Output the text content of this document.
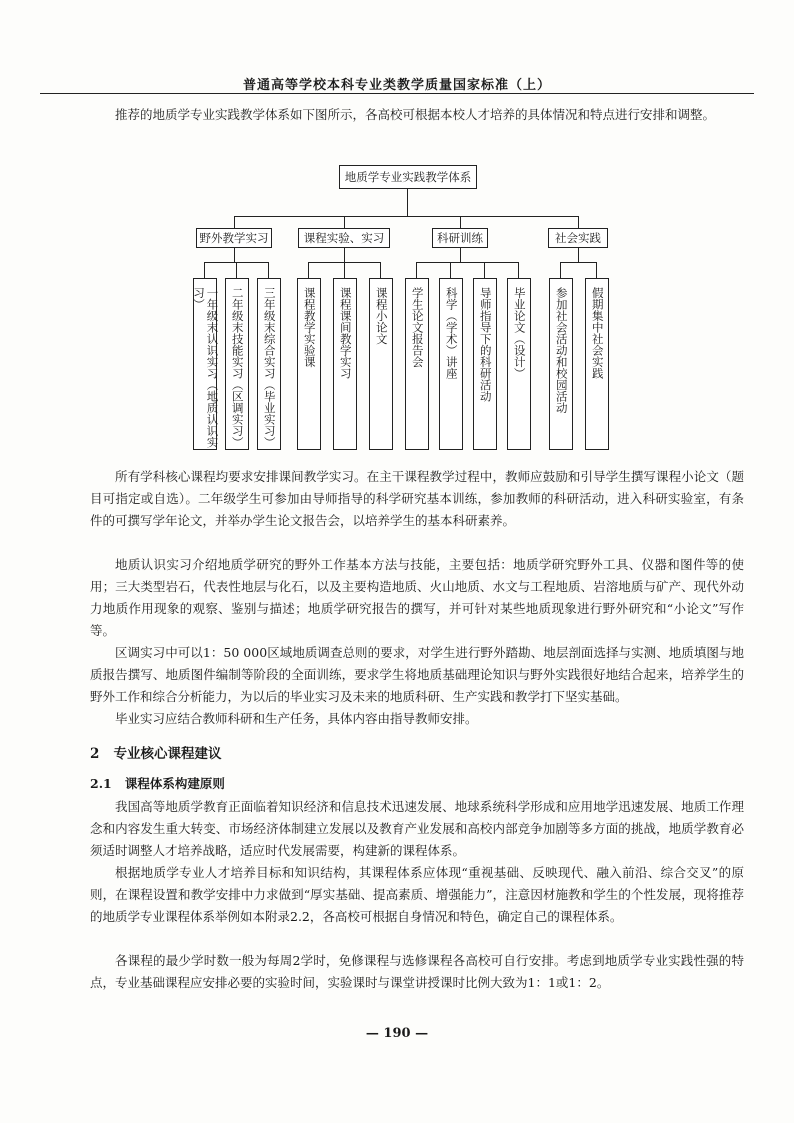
普通高等学校本科专业类教学质量国家标准（上）

推荐的地质学专业实践教学体系如下图所示，各高校可根据本校人才培养的具体情况和特点进行安排和调整。

地质学专业实践教学体系
野外教学实习	课程实验、实习	科研训练	社会实践
一年级末认识实习（地质认识实习）	二年级末技能实习（区调实习）	三年级末综合实习（毕业实习）	课程教学实验课	课程课间教学实习	课程小论文	学生论文报告会	科学（学术）讲座	导师指导下的科研活动	毕业论文（设计）	参加社会活动和校园活动	假期集中社会实践

所有学科核心课程均要求安排课间教学实习。在主干课程教学过程中，教师应鼓励和引导学生撰写课程小论文（题目可指定或自选）。二年级学生可参加由导师指导的科学研究基本训练，参加教师的科研活动，进入科研实验室，有条件的可撰写学年论文，并举办学生论文报告会，以培养学生的基本科研素养。

地质认识实习介绍地质学研究的野外工作基本方法与技能，主要包括：地质学研究野外工具、仪器和图件等的使用；三大类型岩石，代表性地层与化石，以及主要构造地质、火山地质、水文与工程地质、岩溶地质与矿产、现代外动力地质作用现象的观察、鉴别与描述；地质学研究报告的撰写，并可针对某些地质现象进行野外研究和“小论文”写作等。

区调实习中可以1：50 000区域地质调查总则的要求，对学生进行野外踏勘、地层剖面选择与实测、地质填图与地质报告撰写、地质图件编制等阶段的全面训练，要求学生将地质基础理论知识与野外实践很好地结合起来，培养学生的野外工作和综合分析能力，为以后的毕业实习及未来的地质科研、生产实践和教学打下坚实基础。

毕业实习应结合教师科研和生产任务，具体内容由指导教师安排。

2 专业核心课程建议
2.1 课程体系构建原则

我国高等地质学教育正面临着知识经济和信息技术迅速发展、地球系统科学形成和应用地学迅速发展、地质工作理念和内容发生重大转变、市场经济体制建立发展以及教育产业发展和高校内部竞争加剧等多方面的挑战，地质学教育必须适时调整人才培养战略，适应时代发展需要，构建新的课程体系。

根据地质学专业人才培养目标和知识结构，其课程体系应体现“重视基础、反映现代、融入前沿、综合交叉”的原则，在课程设置和教学安排中力求做到“厚实基础、提高素质、增强能力”，注意因材施教和学生的个性发展，现将推荐的地质学专业课程体系举例如本附录2.2，各高校可根据自身情况和特色，确定自己的课程体系。

各课程的最少学时数一般为每周2学时，免修课程与选修课程各高校可自行安排。考虑到地质学专业实践性强的特点，专业基础课程应安排必要的实验时间，实验课时与课堂讲授课时比例大致为1：1或1：2。

— 190 —
